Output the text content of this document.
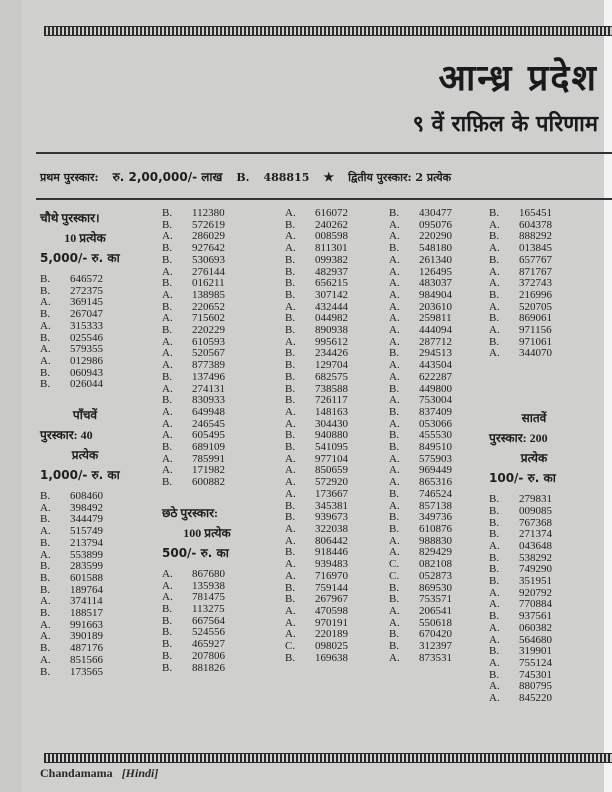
आन्ध्र प्रदेश
९ वें राफ़िल के परिणाम
प्रथम पुरस्कार: रु. 2,00,000/- लाख B. 488815 ★ द्वितीय पुरस्कार: 2 प्रत्येक
चौथे पुरस्कार।
10 प्रत्येक
5,000/- रु. का
B.	646572
B.	272375
A.	369145
B.	267047
A.	315333
B.	025546
A.	579355
A.	012986
B.	060943
B.	026044
पाँचवें
पुरस्कार: 40
प्रत्येक
1,000/- रु. का
B.	608460
A.	398492
B.	344479
A.	515749
B.	213794
A.	553899
B.	283599
B.	601588
B.	189764
A.	374114
B.	188517
A.	991663
A.	390189
B.	487176
A.	851566
B.	173565
B.	112380
B.	572619
A.	286029
B.	927642
B.	530693
A.	276144
B.	016211
A.	138985
B.	220652
A.	715602
B.	220229
A.	610593
A.	520567
A.	877389
B.	137496
A.	274131
B.	830933
A.	649948
A.	246545
A.	605495
B.	689109
A.	785991
A.	171982
B.	600882
छठे पुरस्कार:
100 प्रत्येक
500/- रु. का
A.	867680
A.	135938
A.	781475
B.	113275
B.	667564
B.	524556
B.	465927
B.	207806
B.	881826
A.	616072
B.	240262
A.	008598
A.	811301
B.	099382
B.	482937
B.	656215
B.	307142
A.	432444
B.	044982
B.	890938
A.	995612
B.	234426
B.	129704
B.	682575
B.	738588
B.	726117
A.	148163
A.	304430
B.	940880
B.	541095
A.	977104
A.	850659
A.	572920
A.	173667
B.	345381
B.	939673
A.	322038
A.	806442
B.	918446
A.	939483
A.	716970
B.	759144
B.	267967
A.	470598
A.	970191
A.	220189
C.	098025
B.	169638
B.	430477
A.	095076
A.	220290
B.	548180
A.	261340
A.	126495
A.	483037
A.	984904
A.	203610
A.	259811
A.	444094
A.	287712
B.	294513
A.	443504
A.	622287
B.	449800
A.	753004
B.	837409
A.	053066
B.	455530
B.	849510
A.	575903
A.	969449
A.	865316
B.	746524
A.	857138
B.	349736
B.	610876
A.	988830
A.	829429
C.	082108
C.	052873
B.	869530
B.	753571
A.	206541
A.	550618
B.	670420
B.	312397
A.	873531
B.	165451
A.	604378
B.	888292
A.	013845
B.	657767
A.	871767
A.	372743
B.	216996
A.	520705
B.	869061
A.	971156
B.	971061
A.	344070
सातवें
पुरस्कार: 200
प्रत्येक
100/- रु. का
B.	279831
B.	009085
B.	767368
B.	271374
A.	043648
B.	538292
B.	749290
B.	351951
A.	920792
A.	770884
B.	937561
A.	060382
A.	564680
B.	319901
A.	755124
B.	745301
A.	880795
A.	845220
Chandamama [Hindi]
